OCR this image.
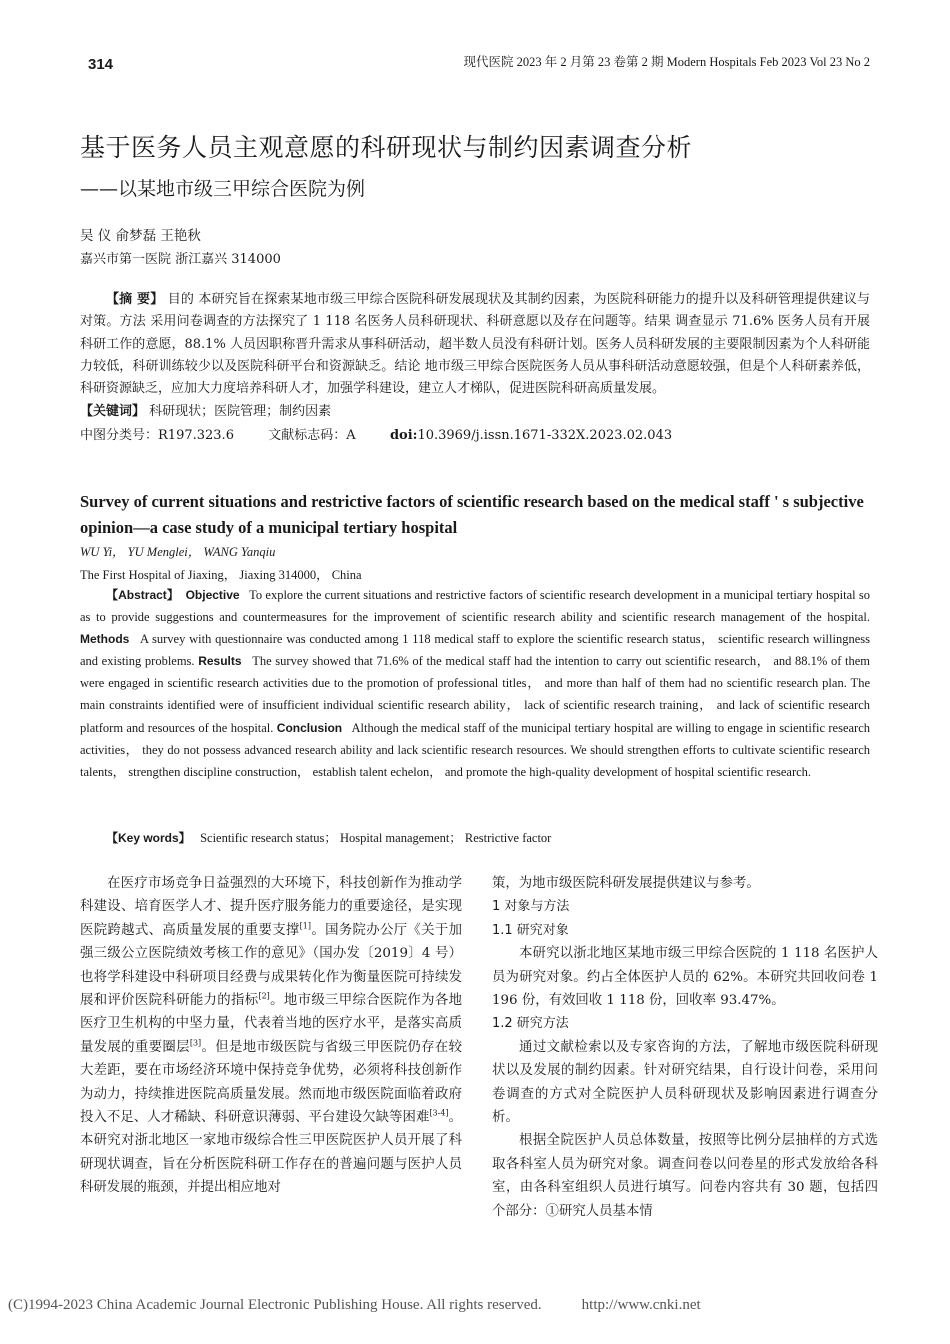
314	现代医院 2023 年 2 月第 23 卷第 2 期 Modern Hospitals Feb 2023 Vol 23 No 2
基于医务人员主观意愿的科研现状与制约因素调查分析
——以某地市级三甲综合医院为例
吴 仪 俞梦磊 王艳秋
嘉兴市第一医院 浙江嘉兴 314000

【摘 要】 目的 本研究旨在探索某地市级三甲综合医院科研发展现状及其制约因素，为医院科研能力的提升以及科研管理提供建议与对策。方法 采用问卷调查的方法探究了 1 118 名医务人员科研现状、科研意愿以及存在问题等。结果 调查显示 71.6% 医务人员有开展科研工作的意愿，88.1% 人员因职称晋升需求从事科研活动，超半数人员没有科研计划。医务人员科研发展的主要限制因素为个人科研能力较低，科研训练较少以及医院科研平台和资源缺乏。结论 地市级三甲综合医院医务人员从事科研活动意愿较强，但是个人科研素养低，科研资源缺乏，应加大力度培养科研人才，加强学科建设，建立人才梯队，促进医院科研高质量发展。

【关键词】 科研现状；医院管理；制约因素
中图分类号：R197.323.6	文献标志码：A	doi:10.3969/j.issn.1671-332X.2023.02.043
Survey of current situations and restrictive factors of scientific research based on the medical staff ' s subjective opinion—a case study of a municipal tertiary hospital
WU Yi， YU Menglei， WANG Yanqiu
The First Hospital of Jiaxing， Jiaxing 314000， China

【Abstract】 Objective To explore the current situations and restrictive factors of scientific research development in a municipal tertiary hospital so as to provide suggestions and countermeasures for the improvement of scientific research ability and scientific research management of the hospital. Methods A survey with questionnaire was conducted among 1 118 medical staff to explore the scientific research status， scientific research willingness and existing problems. Results The survey showed that 71.6% of the medical staff had the intention to carry out scientific research， and 88.1% of them were engaged in scientific research activities due to the promotion of professional titles， and more than half of them had no scientific research plan. The main constraints identified were of insufficient individual scientific research ability， lack of scientific research training， and lack of scientific research platform and resources of the hospital. Conclusion Although the medical staff of the municipal tertiary hospital are willing to engage in scientific research activities， they do not possess advanced research ability and lack scientific research resources. We should strengthen efforts to cultivate scientific research talents， strengthen discipline construction， establish talent echelon， and promote the high-quality development of hospital scientific research.

【Key words】 Scientific research status； Hospital management； Restrictive factor

在医疗市场竞争日益强烈的大环境下，科技创新作为推动学科建设、培育医学人才、提升医疗服务能力的重要途径，是实现医院跨越式、高质量发展的重要支撑[1]。国务院办公厅《关于加强三级公立医院绩效考核工作的意见》（国办发〔2019〕4 号）也将学科建设中科研项目经费与成果转化作为衡量医院可持续发展和评价医院科研能力的指标[2]。地市级三甲综合医院作为各地医疗卫生机构的中坚力量，代表着当地的医疗水平，是落实高质量发展的重要圈层[3]。但是地市级医院与省级三甲医院仍存在较大差距，要在市场经济环境中保持竞争优势，必须将科技创新作为动力，持续推进医院高质量发展。然而地市级医院面临着政府投入不足、人才稀缺、科研意识薄弱、平台建设欠缺等困难[3-4]。本研究对浙北地区一家地市级综合性三甲医院医护人员开展了科研现状调查，旨在分析医院科研工作存在的普遍问题与医护人员科研发展的瓶颈，并提出相应地对

策，为地市级医院科研发展提供建议与参考。

1 对象与方法

1.1 研究对象

本研究以浙北地区某地市级三甲综合医院的 1 118 名医护人员为研究对象。约占全体医护人员的 62%。本研究共回收问卷 1 196 份，有效回收 1 118 份，回收率 93.47%。

1.2 研究方法

通过文献检索以及专家咨询的方法，了解地市级医院科研现状以及发展的制约因素。针对研究结果，自行设计问卷，采用问卷调查的方式对全院医护人员科研现状及影响因素进行调查分析。

根据全院医护人员总体数量，按照等比例分层抽样的方式选取各科室人员为研究对象。调查问卷以问卷星的形式发放给各科室，由各科室组织人员进行填写。问卷内容共有 30 题，包括四个部分：①研究人员基本情

(C)1994-2023 China Academic Journal Electronic Publishing House. All rights reserved.	http://www.cnki.net
